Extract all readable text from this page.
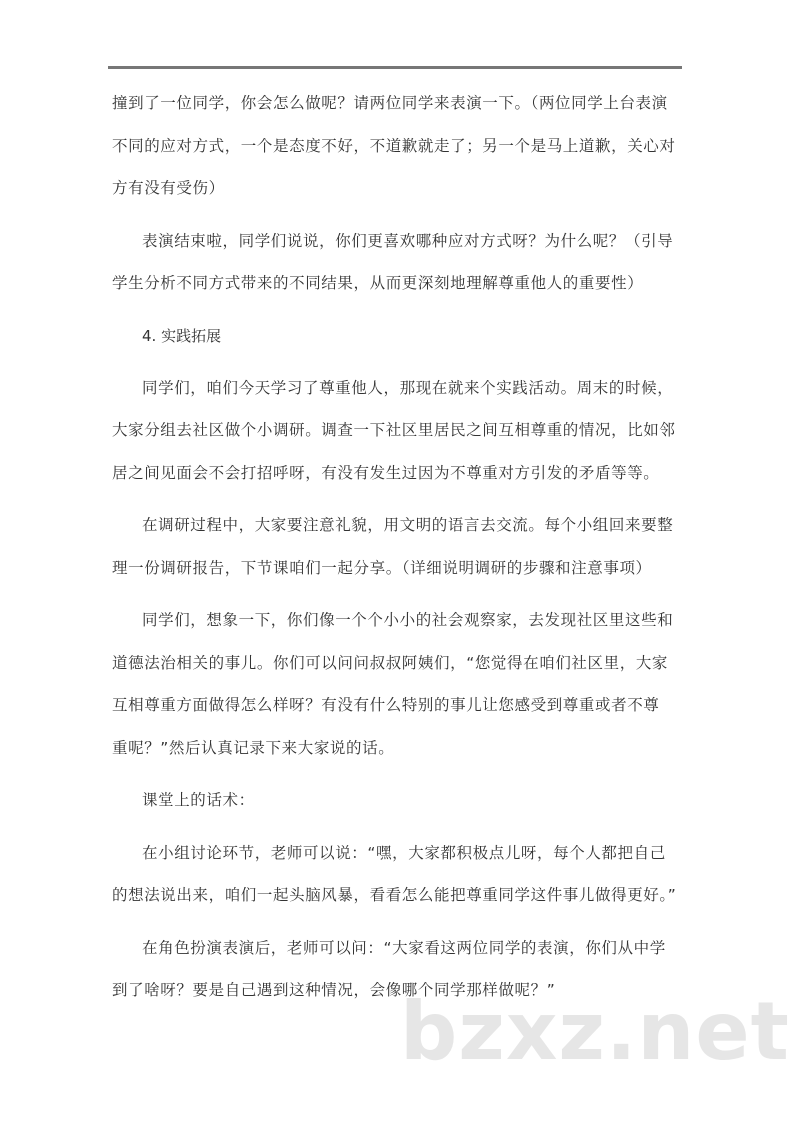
撞到了一位同学，你会怎么做呢？请两位同学来表演一下。（两位同学上台表演
不同的应对方式，一个是态度不好，不道歉就走了；另一个是马上道歉，关心对
方有没有受伤）
表演结束啦，同学们说说，你们更喜欢哪种应对方式呀？为什么呢？（引导
学生分析不同方式带来的不同结果，从而更深刻地理解尊重他人的重要性）
4. 实践拓展
同学们，咱们今天学习了尊重他人，那现在就来个实践活动。周末的时候，
大家分组去社区做个小调研。调查一下社区里居民之间互相尊重的情况，比如邻
居之间见面会不会打招呼呀，有没有发生过因为不尊重对方引发的矛盾等等。
在调研过程中，大家要注意礼貌，用文明的语言去交流。每个小组回来要整
理一份调研报告，下节课咱们一起分享。（详细说明调研的步骤和注意事项）
同学们，想象一下，你们像一个个小小的社会观察家，去发现社区里这些和
道德法治相关的事儿。你们可以问问叔叔阿姨们，“您觉得在咱们社区里，大家
互相尊重方面做得怎么样呀？有没有什么特别的事儿让您感受到尊重或者不尊
重呢？”然后认真记录下来大家说的话。
课堂上的话术：
在小组讨论环节，老师可以说：“嘿，大家都积极点儿呀，每个人都把自己
的想法说出来，咱们一起头脑风暴，看看怎么能把尊重同学这件事儿做得更好。”
在角色扮演表演后，老师可以问：“大家看这两位同学的表演，你们从中学
到了啥呀？要是自己遇到这种情况，会像哪个同学那样做呢？”
bzxz.net
